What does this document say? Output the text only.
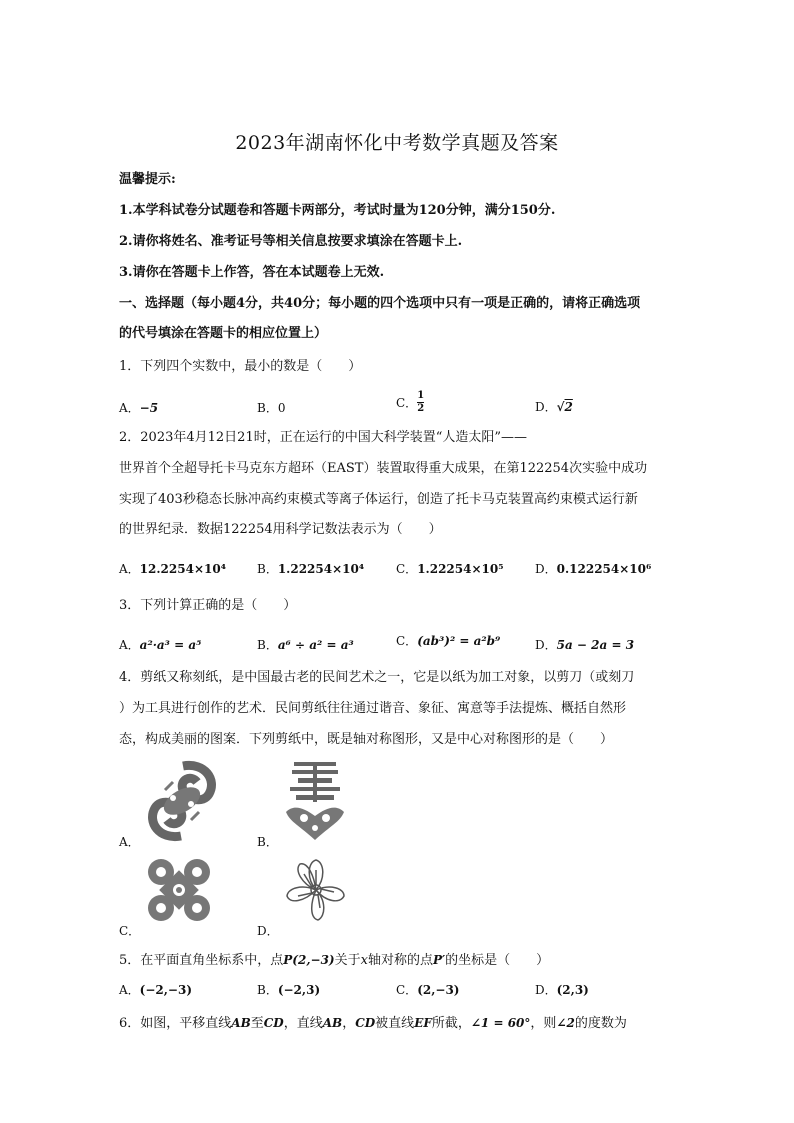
2023年湖南怀化中考数学真题及答案
温馨提示:
1.本学科试卷分试题卷和答题卡两部分，考试时量为120分钟，满分150分.
2.请你将姓名、准考证号等相关信息按要求填涂在答题卡上.
3.请你在答题卡上作答，答在本试题卷上无效.
一、选择题（每小题4分，共40分；每小题的四个选项中只有一项是正确的，请将正确选项
的代号填涂在答题卡的相应位置上）
1．下列四个实数中，最小的数是（　　）
A．−5	B．0	C． $\frac{1}{2}$	D．√2
2．2023年4月12日21时，正在运行的中国大科学装置“人造太阳”——
世界首个全超导托卡马克东方超环（EAST）装置取得重大成果，在第122254次实验中成功
实现了403秒稳态长脉冲高约束模式等离子体运行，创造了托卡马克装置高约束模式运行新
的世界纪录．数据122254用科学记数法表示为（　　）
A．12.2254×10⁴	B．1.22254×10⁴	C．1.22254×10⁵	D．0.122254×10⁶
3．下列计算正确的是（　　）
A．a²·a³ = a⁵	B．a⁶ ÷ a² = a³	C．(ab³)² = a²b⁹	D．5a − 2a = 3
4．剪纸又称刻纸，是中国最古老的民间艺术之一，它是以纸为加工对象，以剪刀（或刻刀
）为工具进行创作的艺术．民间剪纸往往通过谐音、象征、寓意等手法提炼、概括自然形
态，构成美丽的图案．下列剪纸中，既是轴对称图形，又是中心对称图形的是（　　）
A．	B．
C．	D．
5．在平面直角坐标系中，点P(2,−3)关于x轴对称的点P′的坐标是（　　）
A．(−2,−3)	B．(−2,3)	C．(2,−3)	D．(2,3)
6．如图，平移直线AB至CD，直线AB，CD被直线EF所截，∠1 = 60°，则∠2的度数为
